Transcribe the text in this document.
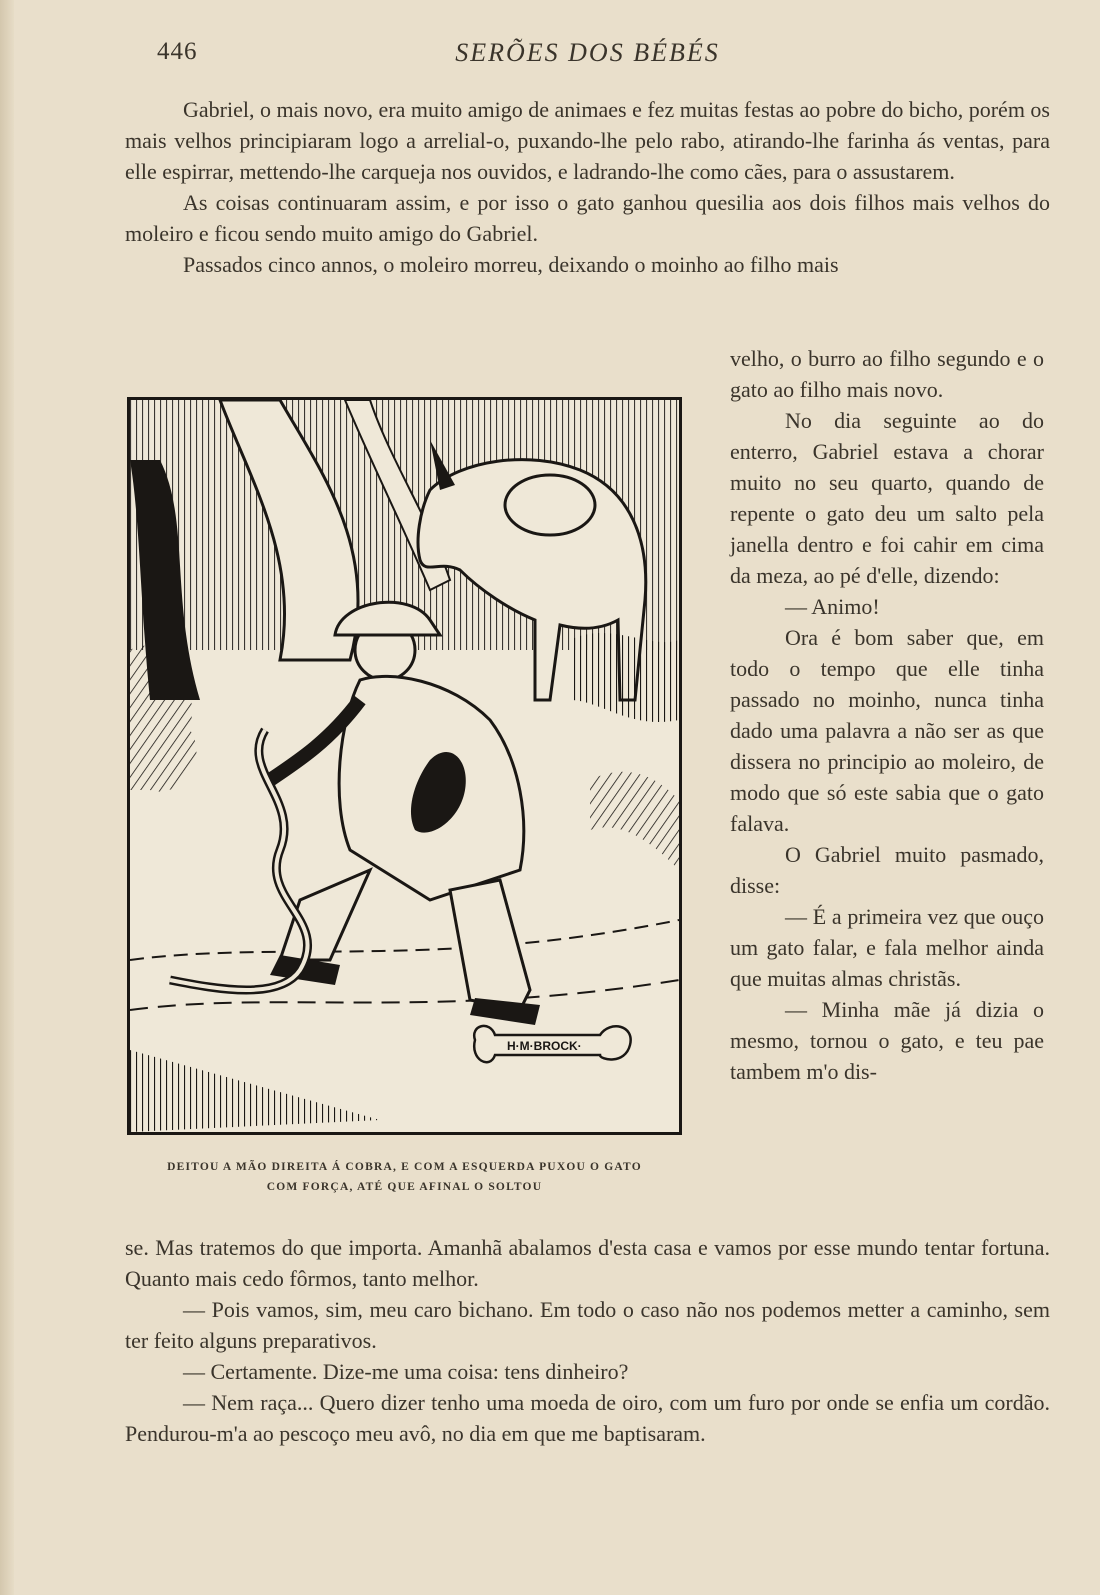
446	SERÕES DOS BÉBÉS

Gabriel, o mais novo, era muito amigo de animaes e fez muitas festas ao pobre do bicho, porém os mais velhos principiaram logo a arrelial-o, puxando-lhe pelo rabo, atirando-lhe farinha ás ventas, para elle espirrar, mettendo-lhe carqueja nos ouvidos, e ladrando-lhe como cães, para o assustarem.

As coisas continuaram assim, e por isso o gato ganhou quesilia aos dois filhos mais velhos do moleiro e ficou sendo muito amigo do Gabriel.

Passados cinco annos, o moleiro morreu, deixando o moinho ao filho mais

velho, o burro ao filho segundo e o gato ao filho mais novo.

No dia seguinte ao do enterro, Gabriel estava a chorar muito no seu quarto, quando de repente o gato deu um salto pela janella dentro e foi cahir em cima da meza, ao pé d'elle, dizendo:

— Animo!

Ora é bom saber que, em todo o tempo que elle tinha passado no moinho, nunca tinha dado uma palavra a não ser as que dissera no principio ao moleiro, de modo que só este sabia que o gato falava.

O Gabriel muito pasmado, disse:

— É a primeira vez que ouço um gato falar, e fala melhor ainda que muitas almas christãs.

— Minha mãe já dizia o mesmo, tornou o gato, e teu pae tambem m'o dis-

H·M·BROCK·
DEITOU A MÃO DIREITA Á COBRA, E COM A ESQUERDA PUXOU O GATO
COM FORÇA, ATÉ QUE AFINAL O SOLTOU

se. Mas tratemos do que importa. Amanhã abalamos d'esta casa e vamos por esse mundo tentar fortuna. Quanto mais cedo fôrmos, tanto melhor.

— Pois vamos, sim, meu caro bichano. Em todo o caso não nos podemos metter a caminho, sem ter feito alguns preparativos.

— Certamente. Dize-me uma coisa: tens dinheiro?

— Nem raça... Quero dizer tenho uma moeda de oiro, com um furo por onde se enfia um cordão. Pendurou-m'a ao pescoço meu avô, no dia em que me baptisaram.
